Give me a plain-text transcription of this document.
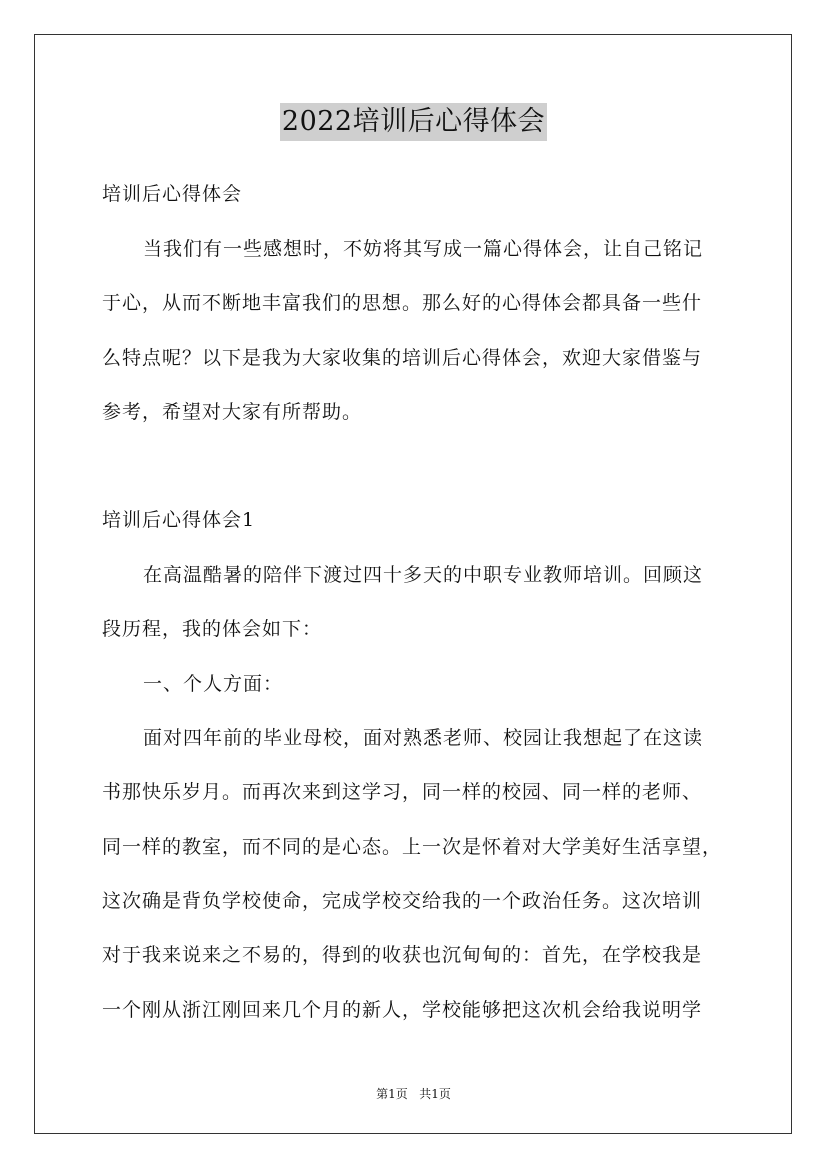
2022培训后心得体会
培训后心得体会
当我们有一些感想时，不妨将其写成一篇心得体会，让自己铭记
于心，从而不断地丰富我们的思想。那么好的心得体会都具备一些什
么特点呢？以下是我为大家收集的培训后心得体会，欢迎大家借鉴与
参考，希望对大家有所帮助。
培训后心得体会1
在高温酷暑的陪伴下渡过四十多天的中职专业教师培训。回顾这
段历程，我的体会如下：
一、个人方面：
面对四年前的毕业母校，面对熟悉老师、校园让我想起了在这读
书那快乐岁月。而再次来到这学习，同一样的校园、同一样的老师、
同一样的教室，而不同的是心态。上一次是怀着对大学美好生活享望，
这次确是背负学校使命，完成学校交给我的一个政治任务。这次培训
对于我来说来之不易的，得到的收获也沉甸甸的：首先，在学校我是
一个刚从浙江刚回来几个月的新人，学校能够把这次机会给我说明学
第1页 共1页
